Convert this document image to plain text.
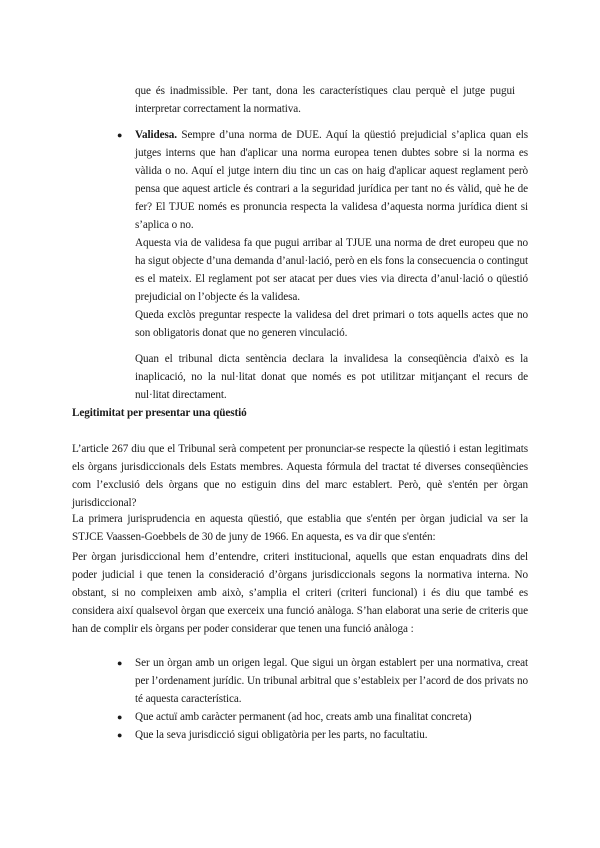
que és inadmissible. Per tant, dona les característiques clau perquè el jutge pugui interpretar correctament la normativa.

● Validesa. Sempre d’una norma de DUE. Aquí la qüestió prejudicial s’aplica quan els jutges interns que han d'aplicar una norma europea tenen dubtes sobre si la norma es vàlida o no. Aquí el jutge intern diu tinc un cas on haig d'aplicar aquest reglament però pensa que aquest article és contrari a la seguridad jurídica per tant no és vàlid, què he de fer? El TJUE només es pronuncia respecta la validesa d’aquesta norma jurídica dient si s’aplica o no.

Aquesta via de validesa fa que pugui arribar al TJUE una norma de dret europeu que no ha sigut objecte d’una demanda d’anul·lació, però en els fons la consecuencia o contingut es el mateix. El reglament pot ser atacat per dues vies via directa d’anul·lació o qüestió prejudicial on l’objecte és la validesa.

Queda exclòs preguntar respecte la validesa del dret primari o tots aquells actes que no son obligatoris donat que no generen vinculació.

Quan el tribunal dicta sentència declara la invalidesa la conseqüència d'això es la inaplicació, no la nul·litat donat que només es pot utilitzar mitjançant el recurs de nul·litat directament.

Legitimitat per presentar una qüestió

L’article 267 diu que el Tribunal serà competent per pronunciar-se respecte la qüestió i estan legitimats els òrgans jurisdiccionals dels Estats membres. Aquesta fórmula del tractat té diverses conseqüències com l’exclusió dels òrgans que no estiguin dins del marc establert. Però, què s'entén per òrgan jurisdiccional?

La primera jurisprudencia en aquesta qüestió, que establia que s'entén per òrgan judicial va ser la STJCE Vaassen-Goebbels de 30 de juny de 1966. En aquesta, es va dir que s'entén:

Per òrgan jurisdiccional hem d’entendre, criteri institucional, aquells que estan enquadrats dins del poder judicial i que tenen la consideració d’òrgans jurisdiccionals segons la normativa interna. No obstant, si no compleixen amb això, s’amplia el criteri (criteri funcional) i és diu que també es considera així qualsevol òrgan que exerceix una funció anàloga. S’han elaborat una serie de criteris que han de complir els òrgans per poder considerar que tenen una funció anàloga :

● Ser un òrgan amb un origen legal. Que sigui un òrgan establert per una normativa, creat per l’ordenament jurídic. Un tribunal arbitral que s’estableix per l’acord de dos privats no té aquesta característica.

● Que actuï amb caràcter permanent (ad hoc, creats amb una finalitat concreta)

● Que la seva jurisdicció sigui obligatòria per les parts, no facultatiu.
